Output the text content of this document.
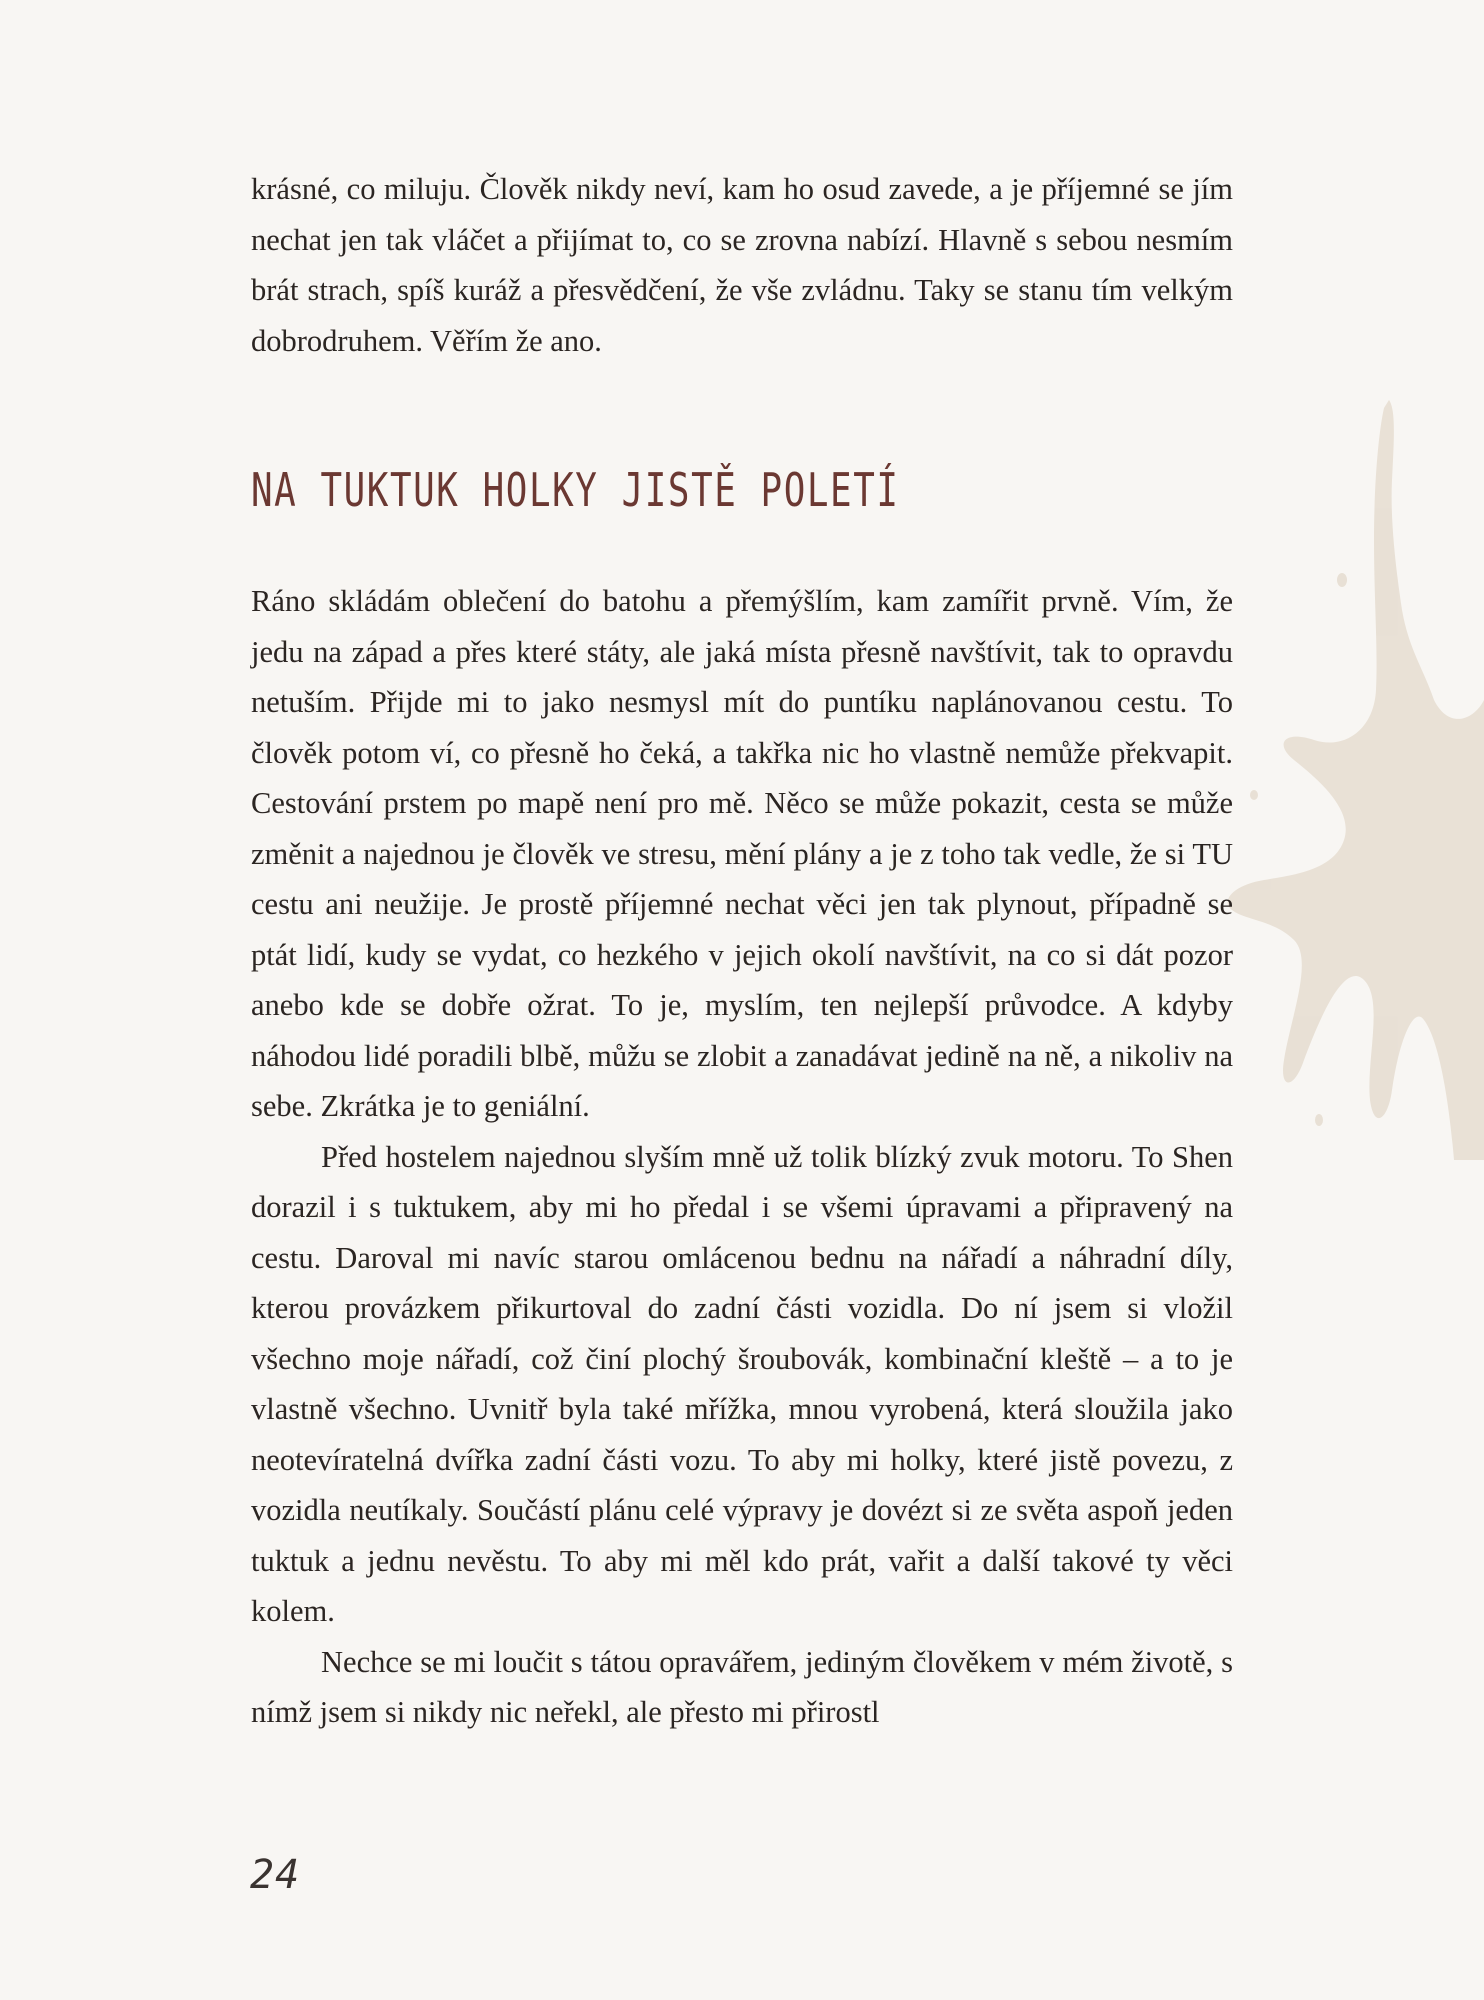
krásné, co miluju. Člověk nikdy neví, kam ho osud zavede, a je příjemné se jím nechat jen tak vláčet a přijímat to, co se zrovna nabízí. Hlavně s sebou nesmím brát strach, spíš kuráž a přesvědčení, že vše zvládnu. Taky se stanu tím velkým dobrodruhem. Věřím že ano.

NA TUKTUK HOLKY JISTĚ POLETÍ

Ráno skládám oblečení do batohu a přemýšlím, kam zamířit prvně. Vím, že jedu na západ a přes které státy, ale jaká místa přesně navštívit, tak to opravdu netuším. Přijde mi to jako nesmysl mít do puntíku naplánovanou cestu. To člověk potom ví, co přesně ho čeká, a takřka nic ho vlastně nemůže překvapit. Cestování prstem po mapě není pro mě. Něco se může pokazit, cesta se může změnit a najednou je člověk ve stresu, mění plány a je z toho tak vedle, že si TU cestu ani neužije. Je prostě příjemné nechat věci jen tak plynout, případně se ptát lidí, kudy se vydat, co hezkého v jejich okolí navštívit, na co si dát pozor anebo kde se dobře ožrat. To je, myslím, ten nejlepší průvodce. A kdyby náhodou lidé poradili blbě, můžu se zlobit a zanadávat jedině na ně, a nikoliv na sebe. Zkrátka je to geniální.

Před hostelem najednou slyším mně už tolik blízký zvuk motoru. To Shen dorazil i s tuktukem, aby mi ho předal i se všemi úpravami a připravený na cestu. Daroval mi navíc starou omlácenou bednu na nářadí a náhradní díly, kterou provázkem přikurtoval do zadní části vozidla. Do ní jsem si vložil všechno moje nářadí, což činí plochý šroubovák, kombinační kleště – a to je vlastně všechno. Uvnitř byla také mřížka, mnou vyrobená, která sloužila jako neotevíratelná dvířka zadní části vozu. To aby mi holky, které jistě povezu, z vozidla neutíkaly. Součástí plánu celé výpravy je dovézt si ze světa aspoň jeden tuktuk a jednu nevěstu. To aby mi měl kdo prát, vařit a další takové ty věci kolem.

Nechce se mi loučit s tátou opravářem, jediným člověkem v mém životě, s nímž jsem si nikdy nic neřekl, ale přesto mi přirostl

24
